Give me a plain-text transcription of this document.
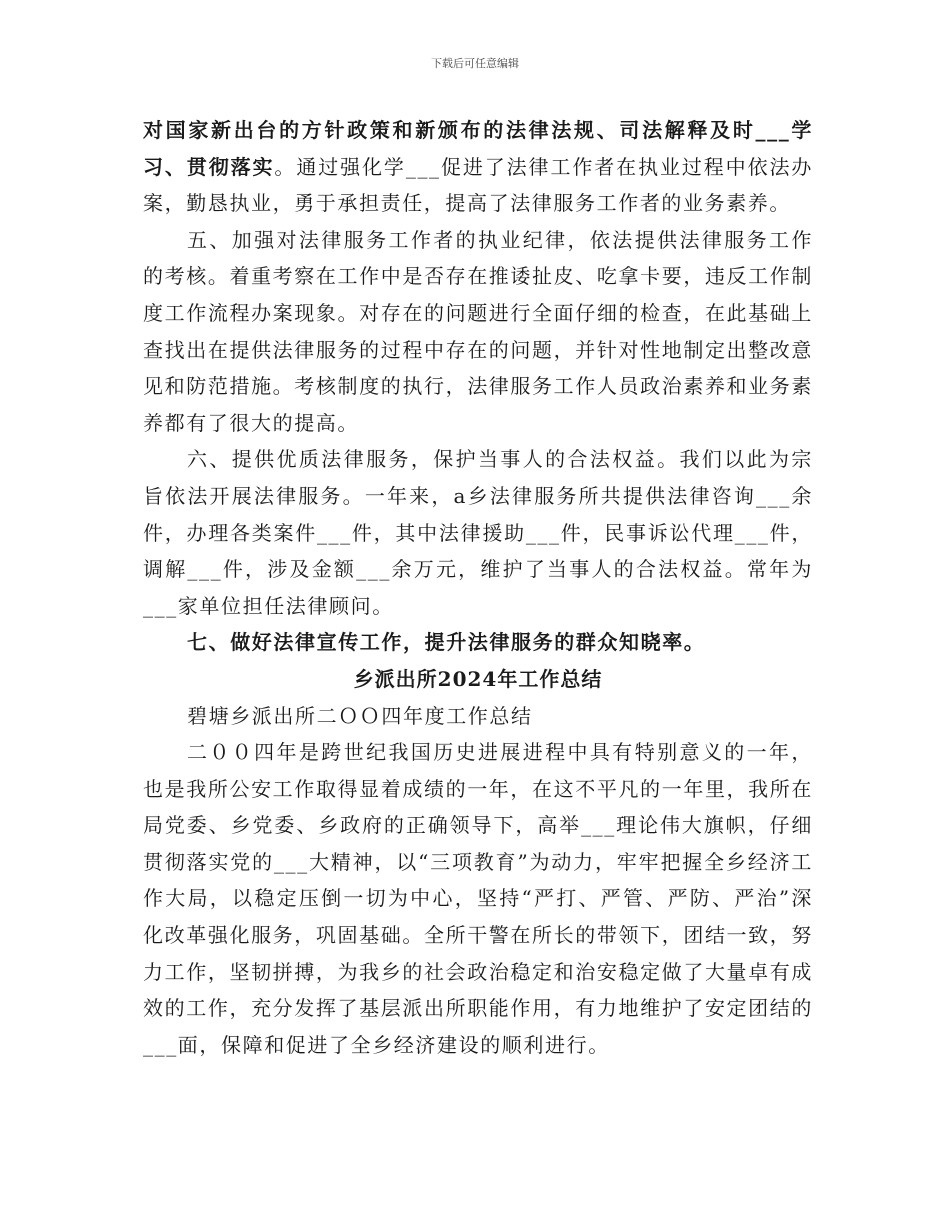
下载后可任意编辑

对国家新出台的方针政策和新颁布的法律法规、司法解释及时___学习、贯彻落实。通过强化学___促进了法律工作者在执业过程中依法办案，勤恳执业，勇于承担责任，提高了法律服务工作者的业务素养。

五、加强对法律服务工作者的执业纪律，依法提供法律服务工作的考核。着重考察在工作中是否存在推诿扯皮、吃拿卡要，违反工作制度工作流程办案现象。对存在的问题进行全面仔细的检查，在此基础上查找出在提供法律服务的过程中存在的问题，并针对性地制定出整改意见和防范措施。考核制度的执行，法律服务工作人员政治素养和业务素养都有了很大的提高。

六、提供优质法律服务，保护当事人的合法权益。我们以此为宗旨依法开展法律服务。一年来，a乡法律服务所共提供法律咨询___余件，办理各类案件___件，其中法律援助___件，民事诉讼代理___件，调解___件，涉及金额___余万元，维护了当事人的合法权益。常年为___家单位担任法律顾问。

七、做好法律宣传工作，提升法律服务的群众知晓率。

乡派出所2024年工作总结

碧塘乡派出所二ＯＯ四年度工作总结

二００四年是跨世纪我国历史进展进程中具有特别意义的一年，也是我所公安工作取得显着成绩的一年，在这不平凡的一年里，我所在局党委、乡党委、乡政府的正确领导下，高举___理论伟大旗帜，仔细贯彻落实党的___大精神，以“三项教育”为动力，牢牢把握全乡经济工作大局，以稳定压倒一切为中心，坚持“严打、严管、严防、严治”深化改革强化服务，巩固基础。全所干警在所长的带领下，团结一致，努力工作，坚韧拼搏，为我乡的社会政治稳定和治安稳定做了大量卓有成效的工作，充分发挥了基层派出所职能作用，有力地维护了安定团结的___面，保障和促进了全乡经济建设的顺利进行。
